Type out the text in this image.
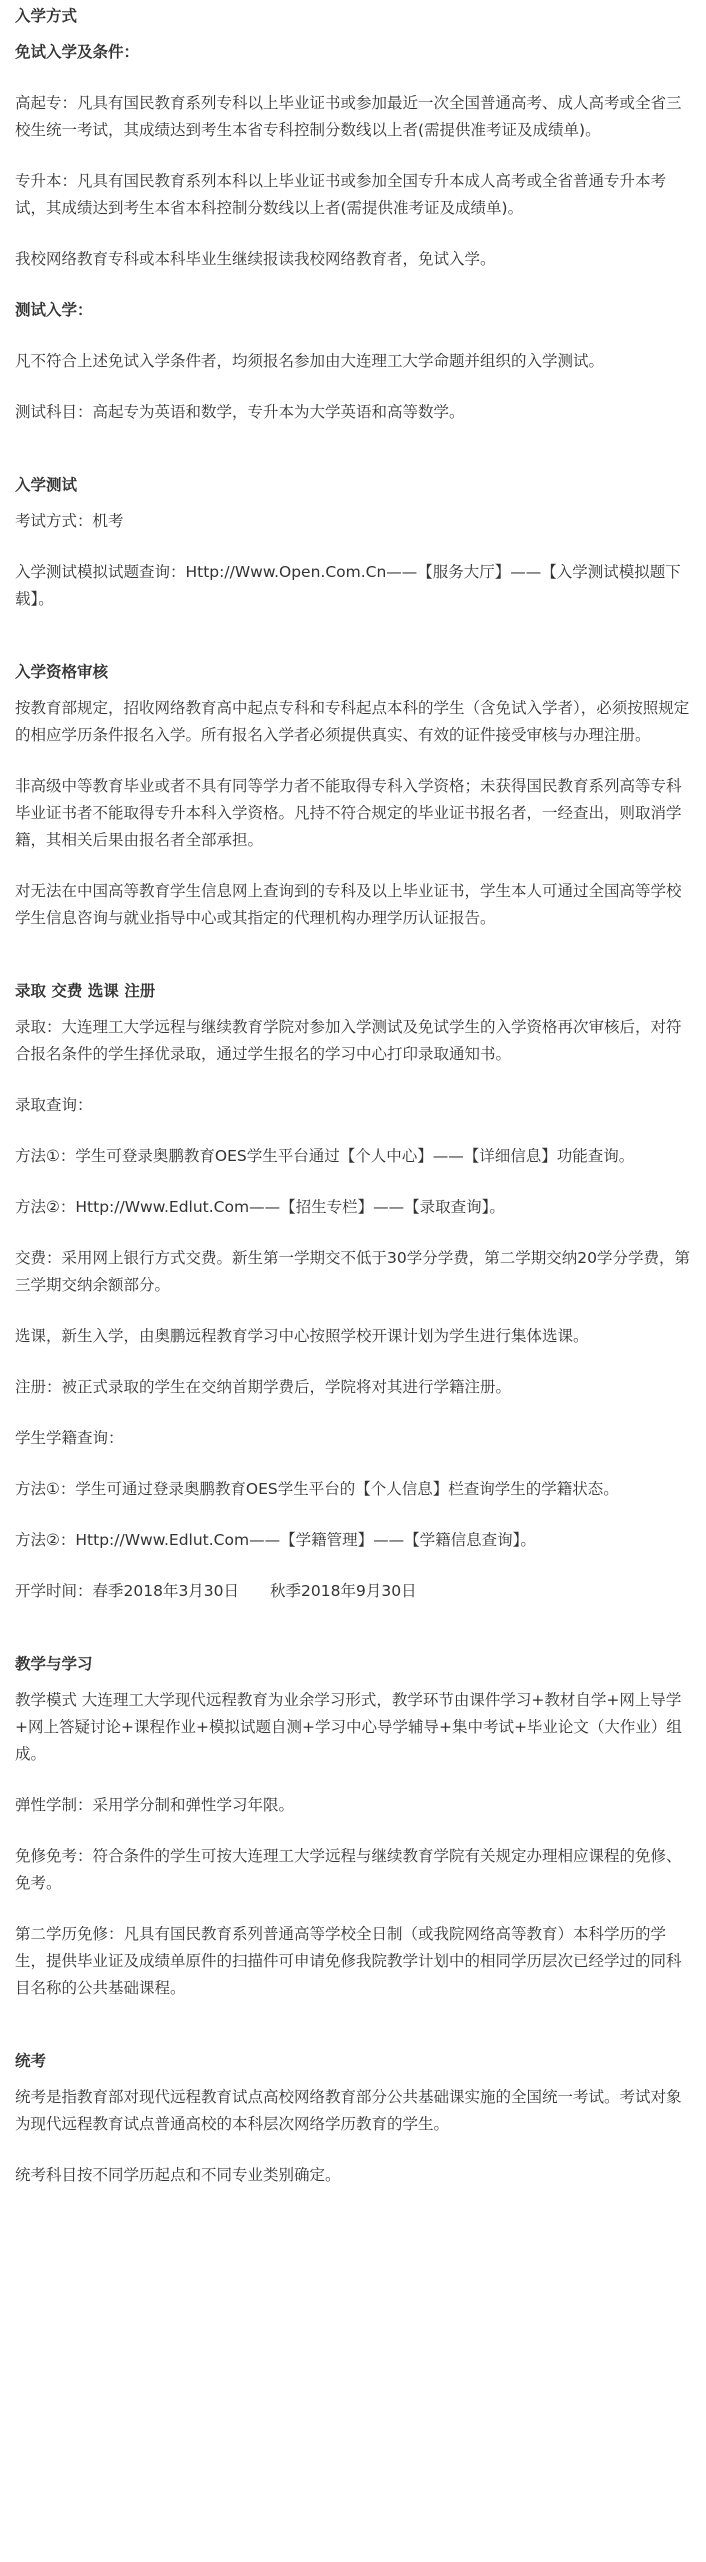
入学方式

免试入学及条件：

高起专：凡具有国民教育系列专科以上毕业证书或参加最近一次全国普通高考、成人高考或全省三校生统一考试，其成绩达到考生本省专科控制分数线以上者(需提供准考证及成绩单)。

专升本：凡具有国民教育系列本科以上毕业证书或参加全国专升本成人高考或全省普通专升本考试，其成绩达到考生本省本科控制分数线以上者(需提供准考证及成绩单)。

我校网络教育专科或本科毕业生继续报读我校网络教育者，免试入学。

测试入学：

凡不符合上述免试入学条件者，均须报名参加由大连理工大学命题并组织的入学测试。

测试科目：高起专为英语和数学，专升本为大学英语和高等数学。

入学测试

考试方式：机考

入学测试模拟试题查询：Http://Www.Open.Com.Cn——【服务大厅】——【入学测试模拟题下载】。

入学资格审核

按教育部规定，招收网络教育高中起点专科和专科起点本科的学生（含免试入学者），必须按照规定的相应学历条件报名入学。所有报名入学者必须提供真实、有效的证件接受审核与办理注册。

非高级中等教育毕业或者不具有同等学力者不能取得专科入学资格；未获得国民教育系列高等专科毕业证书者不能取得专升本科入学资格。凡持不符合规定的毕业证书报名者，一经查出，则取消学籍，其相关后果由报名者全部承担。

对无法在中国高等教育学生信息网上查询到的专科及以上毕业证书，学生本人可通过全国高等学校学生信息咨询与就业指导中心或其指定的代理机构办理学历认证报告。

录取 交费 选课 注册

录取：大连理工大学远程与继续教育学院对参加入学测试及免试学生的入学资格再次审核后，对符合报名条件的学生择优录取，通过学生报名的学习中心打印录取通知书。

录取查询：

方法①：学生可登录奥鹏教育OES学生平台通过【个人中心】——【详细信息】功能查询。

方法②：Http://Www.Edlut.Com——【招生专栏】——【录取查询】。

交费：采用网上银行方式交费。新生第一学期交不低于30学分学费，第二学期交纳20学分学费，第三学期交纳余额部分。

选课，新生入学，由奥鹏远程教育学习中心按照学校开课计划为学生进行集体选课。

注册：被正式录取的学生在交纳首期学费后，学院将对其进行学籍注册。

学生学籍查询：

方法①：学生可通过登录奥鹏教育OES学生平台的【个人信息】栏查询学生的学籍状态。

方法②：Http://Www.Edlut.Com——【学籍管理】——【学籍信息查询】。

开学时间：春季2018年3月30日　　秋季2018年9月30日

教学与学习

教学模式 大连理工大学现代远程教育为业余学习形式，教学环节由课件学习+教材自学+网上导学+网上答疑讨论+课程作业+模拟试题自测+学习中心导学辅导+集中考试+毕业论文（大作业）组成。

弹性学制：采用学分制和弹性学习年限。

免修免考：符合条件的学生可按大连理工大学远程与继续教育学院有关规定办理相应课程的免修、免考。

第二学历免修：凡具有国民教育系列普通高等学校全日制（或我院网络高等教育）本科学历的学生，提供毕业证及成绩单原件的扫描件可申请免修我院教学计划中的相同学历层次已经学过的同科目名称的公共基础课程。

统考

统考是指教育部对现代远程教育试点高校网络教育部分公共基础课实施的全国统一考试。考试对象为现代远程教育试点普通高校的本科层次网络学历教育的学生。

统考科目按不同学历起点和不同专业类别确定。
